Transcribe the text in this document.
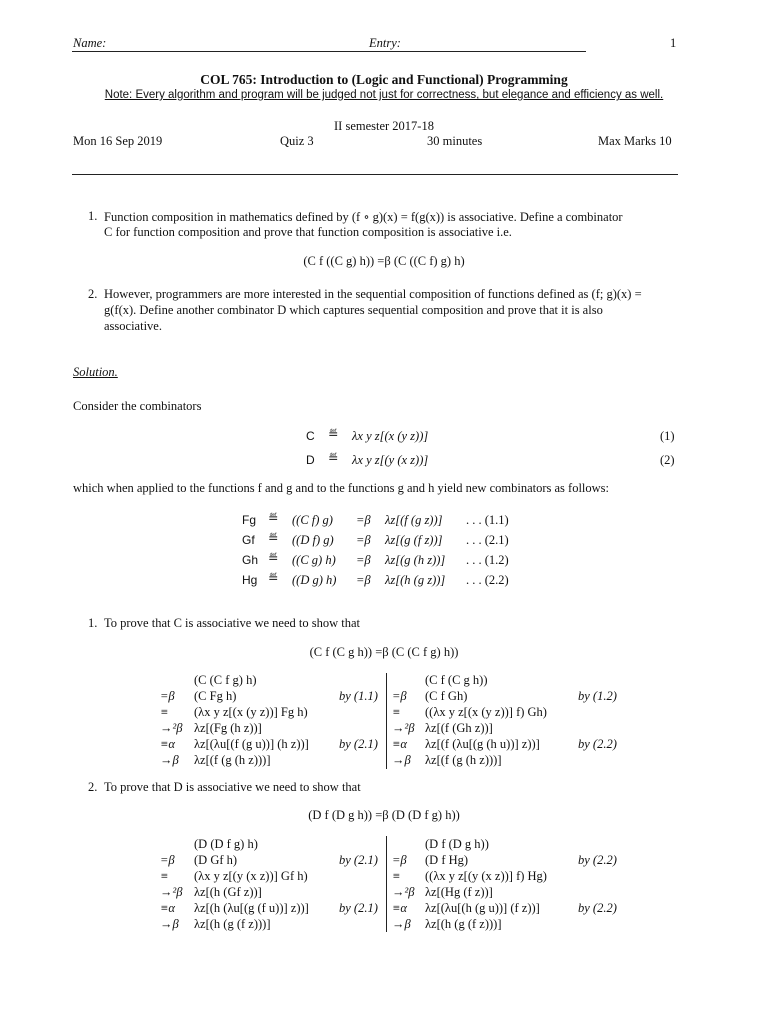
Name:	Entry:	1
COL 765: Introduction to (Logic and Functional) Programming
Note: Every algorithm and program will be judged not just for correctness, but elegance and efficiency as well.
II semester 2017-18
Mon 16 Sep 2019	Quiz 3	30 minutes	Max Marks 10
1. Function composition in mathematics defined by (f ∘ g)(x) = f(g(x)) is associative. Define a combinator
C for function composition and prove that function composition is associative i.e.
(C f ((C g) h)) =β (C ((C f) g) h)
2. However, programmers are more interested in the sequential composition of functions defined as (f; g)(x) =
g(f(x). Define another combinator D which captures sequential composition and prove that it is also
associative.
Solution.
Consider the combinators
C ≝ λx y z[(x (y z))]	(1)
D ≝ λx y z[(y (x z))]	(2)
which when applied to the functions f and g and to the functions g and h yield new combinators as follows:
Fg ≝ ((C f) g) =β λz[(f (g z))] . . . (1.1)
Gf ≝ ((D f) g) =β λz[(g (f z))] . . . (2.1)
Gh ≝ ((C g) h) =β λz[(g (h z))] . . . (1.2)
Hg ≝ ((D g) h) =β λz[(h (g z))] . . . (2.2)
1. To prove that C is associative we need to show that
(C f (C g h)) =β (C (C f g) h))
(C (C f g) h)
=β (C Fg h)	by (1.1)
≡ (λx y z[(x (y z))] Fg h)
→²β λz[(Fg (h z))]
≡α λz[(λu[(f (g u))] (h z))] by (2.1)
→β λz[(f (g (h z)))]
(C f (C g h))
=β (C f Gh)	by (1.2)
≡ ((λx y z[(x (y z))] f) Gh)
→²β λz[(f (Gh z))]
≡α λz[(f (λu[(g (h u))] z))]	by (2.2)
→β λz[(f (g (h z)))]
2. To prove that D is associative we need to show that
(D f (D g h)) =β (D (D f g) h))
(D (D f g) h)
=β (D Gf h)	by (2.1)
≡ (λx y z[(y (x z))] Gf h)
→²β λz[(h (Gf z))]
≡α λz[(h (λu[(g (f u))] z))] by (2.1)
→β λz[(h (g (f z)))]
(D f (D g h))
=β (D f Hg)	by (2.2)
≡ ((λx y z[(y (x z))] f) Hg)
→²β λz[(Hg (f z))]
≡α λz[(λu[(h (g u))] (f z))]	by (2.2)
→β λz[(h (g (f z)))]
